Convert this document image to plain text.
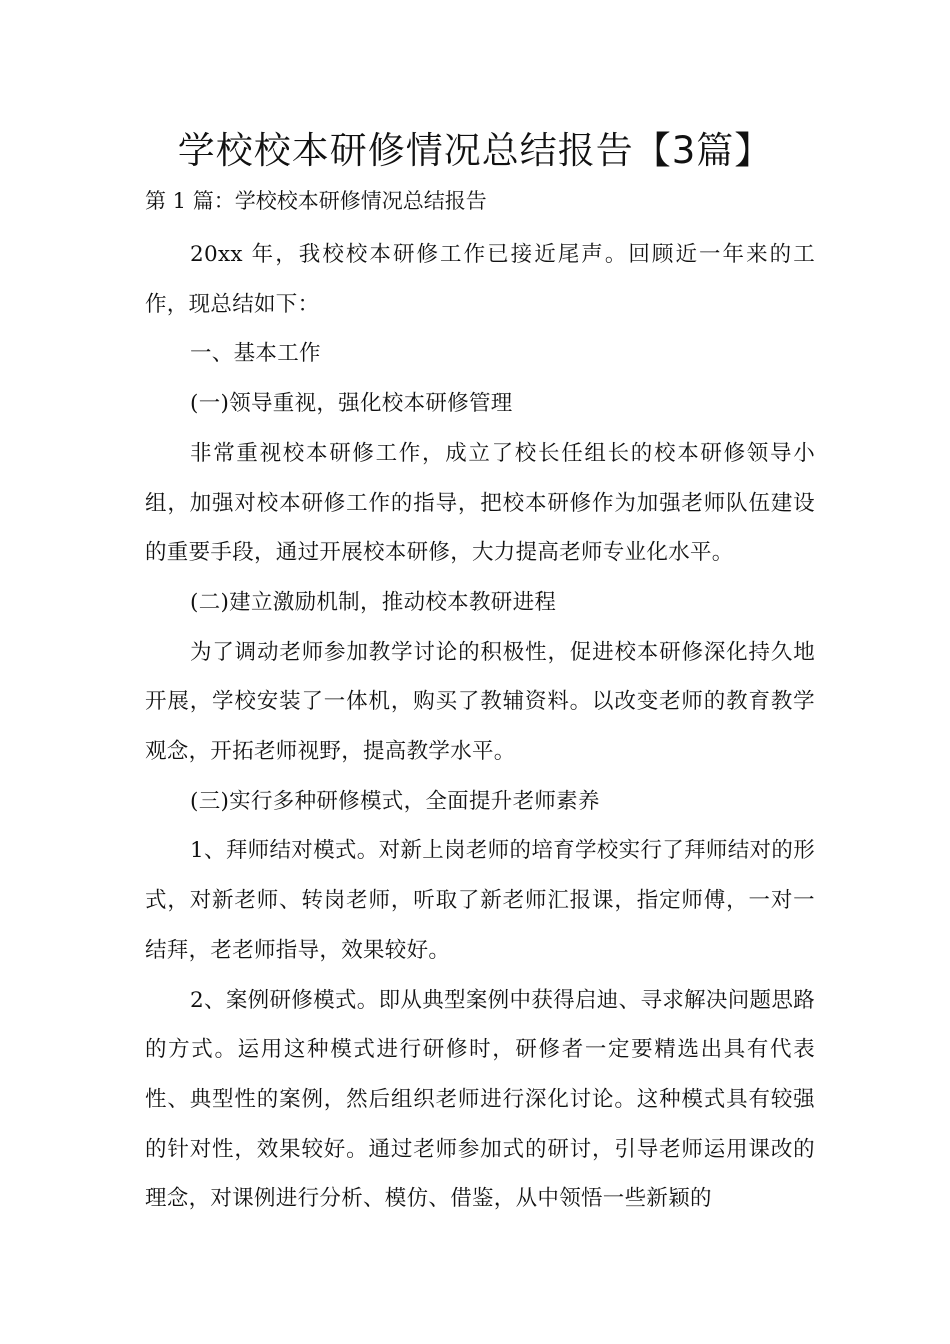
学校校本研修情况总结报告【3篇】
第 1 篇：学校校本研修情况总结报告

20xx 年，我校校本研修工作已接近尾声。回顾近一年来的工作，现总结如下：

一、基本工作

(一)领导重视，强化校本研修管理

非常重视校本研修工作，成立了校长任组长的校本研修领导小组，加强对校本研修工作的指导，把校本研修作为加强老师队伍建设的重要手段，通过开展校本研修，大力提高老师专业化水平。

(二)建立激励机制，推动校本教研进程

为了调动老师参加教学讨论的积极性，促进校本研修深化持久地开展，学校安装了一体机，购买了教辅资料。以改变老师的教育教学观念，开拓老师视野，提高教学水平。

(三)实行多种研修模式，全面提升老师素养

1、拜师结对模式。对新上岗老师的培育学校实行了拜师结对的形式，对新老师、转岗老师，听取了新老师汇报课，指定师傅，一对一结拜，老老师指导，效果较好。

2、案例研修模式。即从典型案例中获得启迪、寻求解决问题思路的方式。运用这种模式进行研修时，研修者一定要精选出具有代表性、典型性的案例，然后组织老师进行深化讨论。这种模式具有较强的针对性，效果较好。通过老师参加式的研讨，引导老师运用课改的理念，对课例进行分析、模仿、借鉴，从中领悟一些新颖的
